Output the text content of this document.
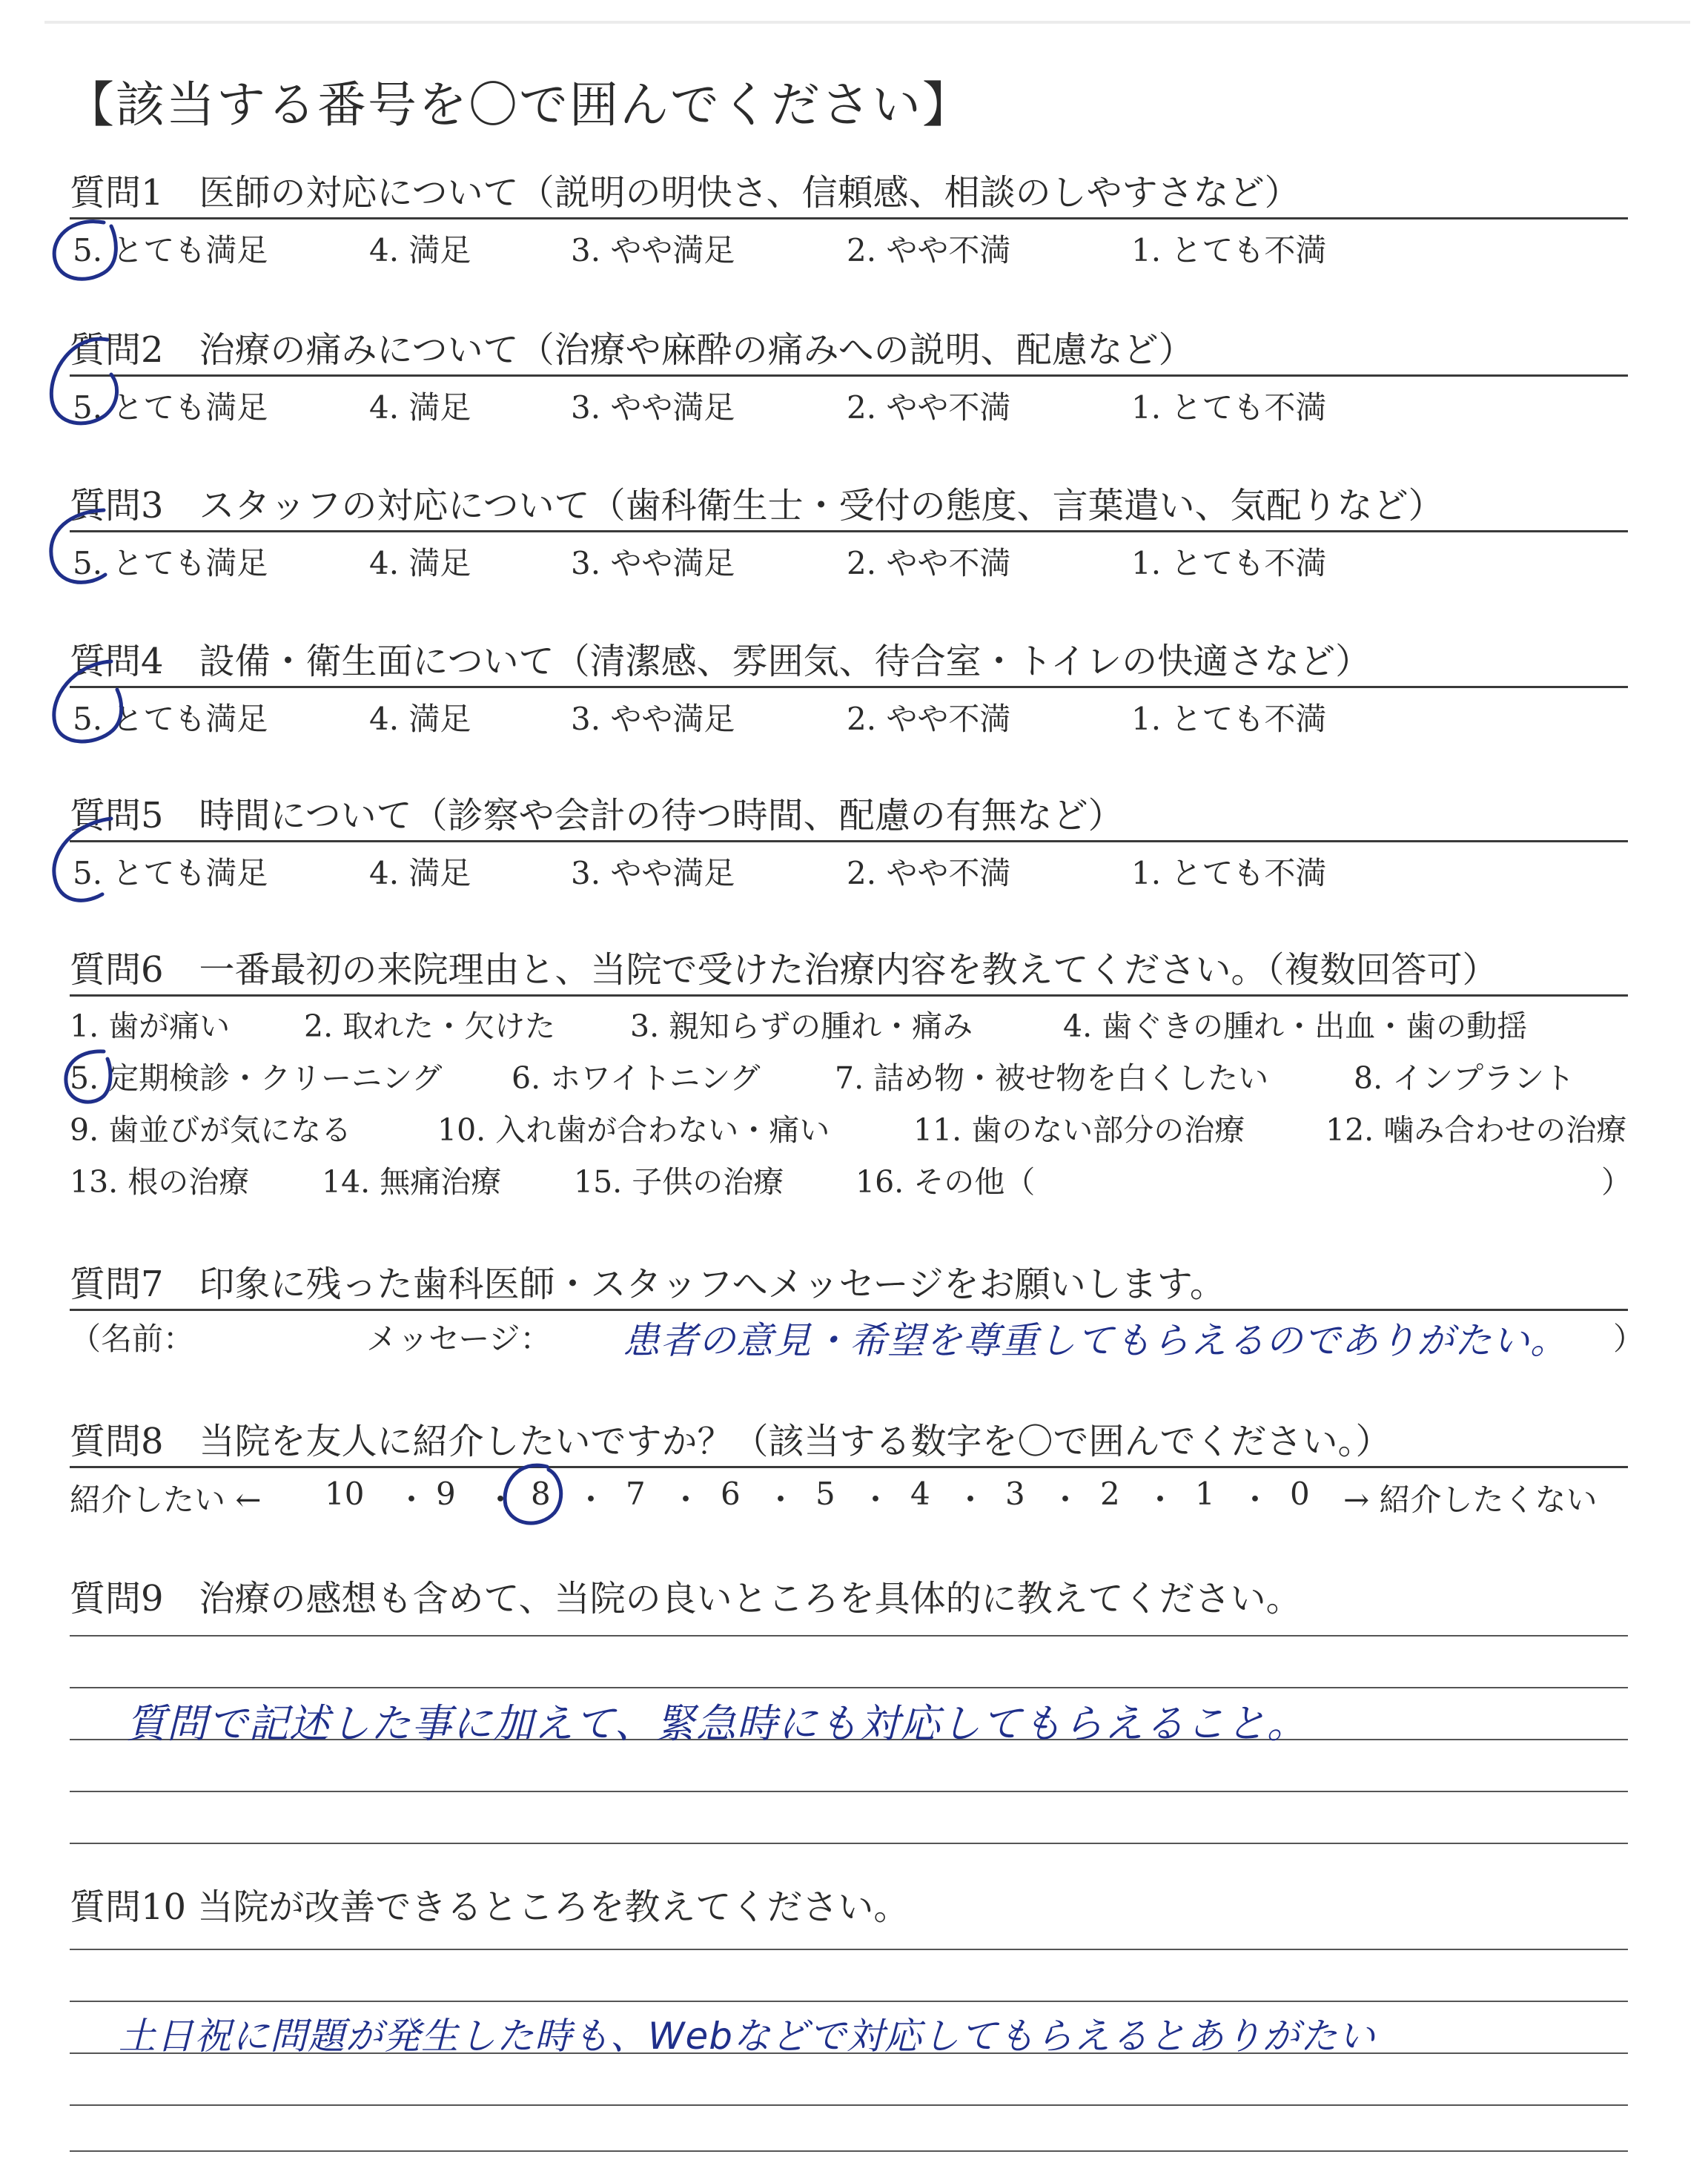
【該当する番号を〇で囲んでください】
質問1　医師の対応について（説明の明快さ、信頼感、相談のしやすさなど）
5. とても満足	4. 満足	3. やや満足	2. やや不満	1. とても不満
質問2　治療の痛みについて（治療や麻酔の痛みへの説明、配慮など）
5. とても満足	4. 満足	3. やや満足	2. やや不満	1. とても不満
質問3　スタッフの対応について（歯科衛生士・受付の態度、言葉遣い、気配りなど）
5. とても満足	4. 満足	3. やや満足	2. やや不満	1. とても不満
質問4　設備・衛生面について（清潔感、雰囲気、待合室・トイレの快適さなど）
5. とても満足	4. 満足	3. やや満足	2. やや不満	1. とても不満
質問5　時間について（診察や会計の待つ時間、配慮の有無など）
5. とても満足	4. 満足	3. やや満足	2. やや不満	1. とても不満
質問6　一番最初の来院理由と、当院で受けた治療内容を教えてください。（複数回答可）
1. 歯が痛い 2. 取れた・欠けた 3. 親知らずの腫れ・痛み	4. 歯ぐきの腫れ・出血・歯の動揺
5. 定期検診・クリーニング 6. ホワイトニング 7. 詰め物・被せ物を白くしたい	8. インプラント
9. 歯並びが気になる	10. 入れ歯が合わない・痛い	11. 歯のない部分の治療	12. 噛み合わせの治療
13. 根の治療 14. 無痛治療 15. 子供の治療 16. その他（	）
質問7　印象に残った歯科医師・スタッフへメッセージをお願いします。
（名前：	メッセージ：	）
患者の意見・希望を尊重してもらえるのでありがたい。
質問8　当院を友人に紹介したいですか？（該当する数字を〇で囲んでください。）
紹介したい ← 10 ・ 9 ・ 8 ・ 7 ・ 6 ・ 5 ・ 4 ・ 3 ・ 2 ・ 1 ・ 0 → 紹介したくない
質問9　治療の感想も含めて、当院の良いところを具体的に教えてください。
質問で記述した事に加えて、緊急時にも対応してもらえること。
質問10 当院が改善できるところを教えてください。
土日祝に問題が発生した時も、Webなどで対応してもらえるとありがたい
